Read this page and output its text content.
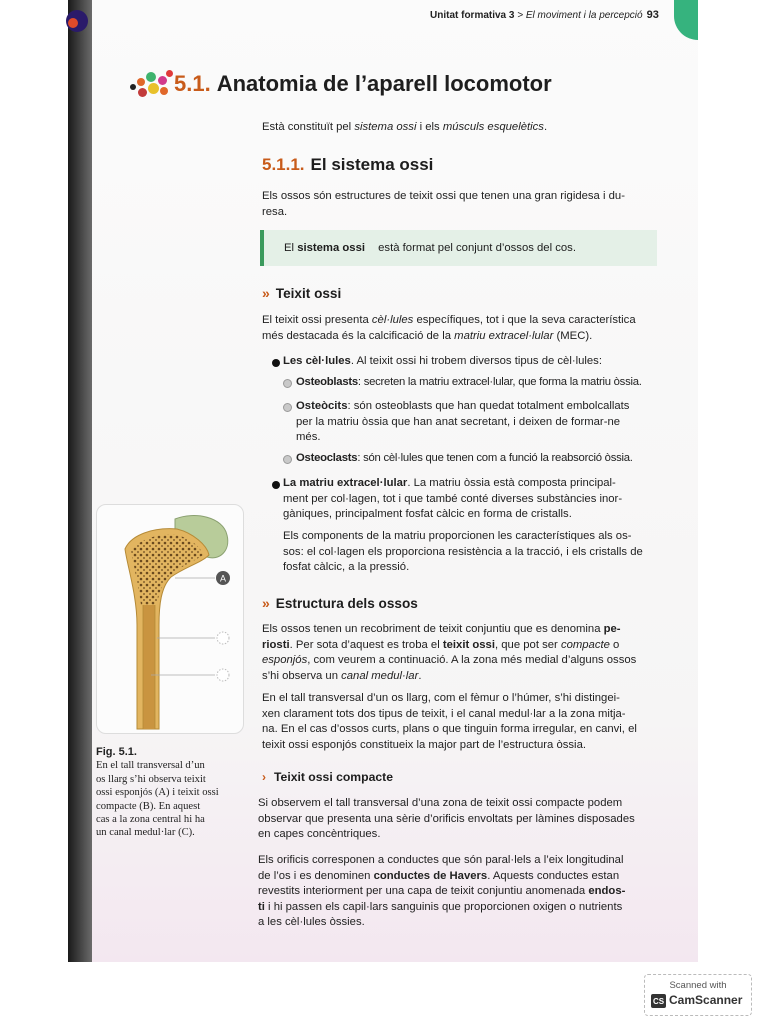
Unitat formativa 3 > El moviment i la percepció 93
5.1. Anatomia de l’aparell locomotor
Està constituït pel sistema ossi i els músculs esquelètics.
5.1.1. El sistema ossi
Els ossos són estructures de teixit ossi que tenen una gran rigidesa i du-
resa.
El sistema ossi està format pel conjunt d’ossos del cos.
» Teixit ossi
El teixit ossi presenta cèl·lules específiques, tot i que la seva característica
més destacada és la calcificació de la matriu extracel·lular (MEC).
Les cèl·lules. Al teixit ossi hi trobem diversos tipus de cèl·lules:
Osteoblasts: secreten la matriu extracel·lular, que forma la matriu òssia.
Osteòcits: són osteoblasts que han quedat totalment embolcallats
per la matriu òssia que han anat secretant, i deixen de formar-ne
més.
Osteoclasts: són cèl·lules que tenen com a funció la reabsorció òssia.
La matriu extracel·lular. La matriu òssia està composta principal-
ment per col·lagen, tot i que també conté diverses substàncies inor-
gàniques, principalment fosfat càlcic en forma de cristalls.
Els components de la matriu proporcionen les característiques als os-
sos: el col·lagen els proporciona resistència a la tracció, i els cristalls de
fosfat càlcic, a la pressió.
» Estructura dels ossos
Els ossos tenen un recobriment de teixit conjuntiu que es denomina pe-
riosti. Per sota d’aquest es troba el teixit ossi, que pot ser compacte o
esponjós, com veurem a continuació. A la zona més medial d’alguns ossos
s’hi observa un canal medul·lar.
En el tall transversal d’un os llarg, com el fèmur o l’húmer, s’hi distingei-
xen clarament tots dos tipus de teixit, i el canal medul·lar a la zona mitja-
na. En el cas d’ossos curts, plans o que tinguin forma irregular, en canvi, el
teixit ossi esponjós constitueix la major part de l’estructura òssia.
› Teixit ossi compacte
Si observem el tall transversal d’una zona de teixit ossi compacte podem
observar que presenta una sèrie d’orificis envoltats per làmines disposades
en capes concèntriques.
Els orificis corresponen a conductes que són paral·lels a l’eix longitudinal
de l’os i es denominen conductes de Havers. Aquests conductes estan
revestits interiorment per una capa de teixit conjuntiu anomenada endos-
ti i hi passen els capil·lars sanguinis que proporcionen oxigen o nutrients
a les cèl·lules òssies.
A
Fig. 5.1.
En el tall transversal d’un
os llarg s’hi observa teixit
ossi esponjós (A) i teixit ossi
compacte (B). En aquest
cas a la zona central hi ha
un canal medul·lar (C).
Scanned with
CS CamScanner
